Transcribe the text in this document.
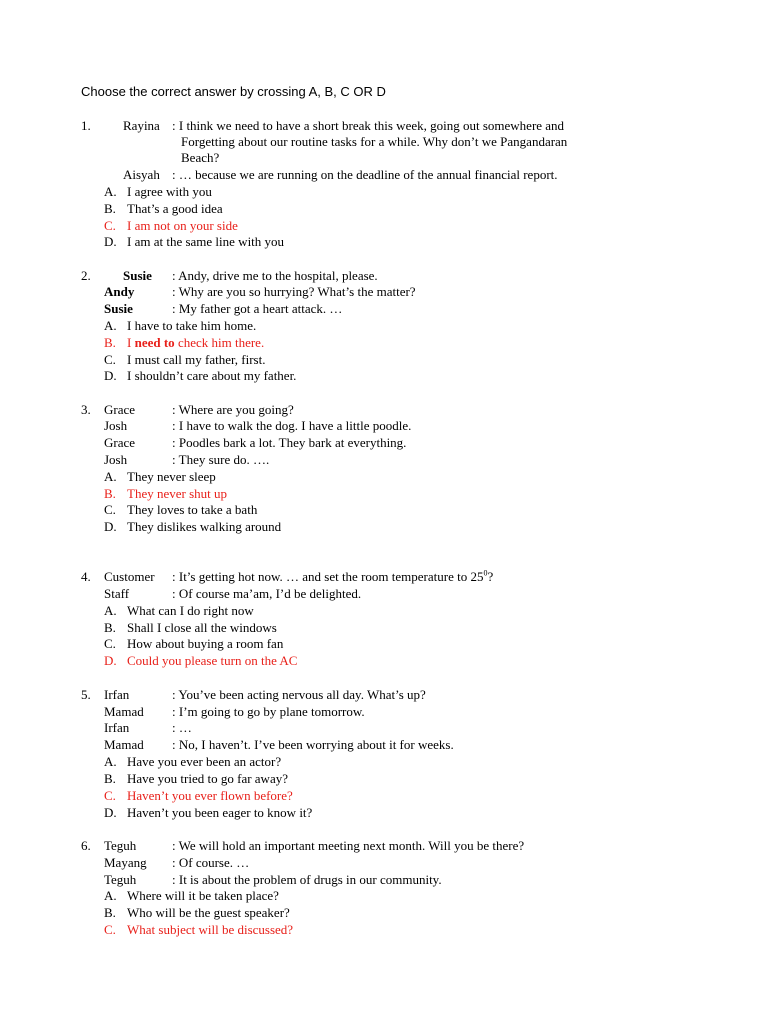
Choose the correct answer by crossing A, B, C OR D
1. Rayina : I think we need to have a short break this week, going out somewhere and
Forgetting about our routine tasks for a while. Why don’t we Pangandaran
Beach?
Aisyah : … because we are running on the deadline of the annual financial report.
A. I agree with you
B. That’s a good idea
C. I am not on your side
D. I am at the same line with you
2. Susie : Andy, drive me to the hospital, please.
Andy	: Why are you so hurrying? What’s the matter?
Susie	: My father got a heart attack. …
A. I have to take him home.
B. I need to check him there.
C. I must call my father, first.
D. I shouldn’t care about my father.
3. Grace	: Where are you going?
Josh	: I have to walk the dog. I have a little poodle.
Grace	: Poodles bark a lot. They bark at everything.
Josh	: They sure do. ….
A. They never sleep
B. They never shut up
C. They loves to take a bath
D. They dislikes walking around
4. Customer : It’s getting hot now. … and set the room temperature to $25^0$?
Staff	: Of course ma’am, I’d be delighted.
A. What can I do right now
B. Shall I close all the windows
C. How about buying a room fan
D. Could you please turn on the AC
5. Irfan	: You’ve been acting nervous all day. What’s up?
Mamad : I’m going to go by plane tomorrow.
Irfan	: …
Mamad : No, I haven’t. I’ve been worrying about it for weeks.
A. Have you ever been an actor?
B. Have you tried to go far away?
C. Haven’t you ever flown before?
D. Haven’t you been eager to know it?
6. Teguh	: We will hold an important meeting next month. Will you be there?
Mayang : Of course. …
Teguh	: It is about the problem of drugs in our community.
A. Where will it be taken place?
B. Who will be the guest speaker?
C. What subject will be discussed?
